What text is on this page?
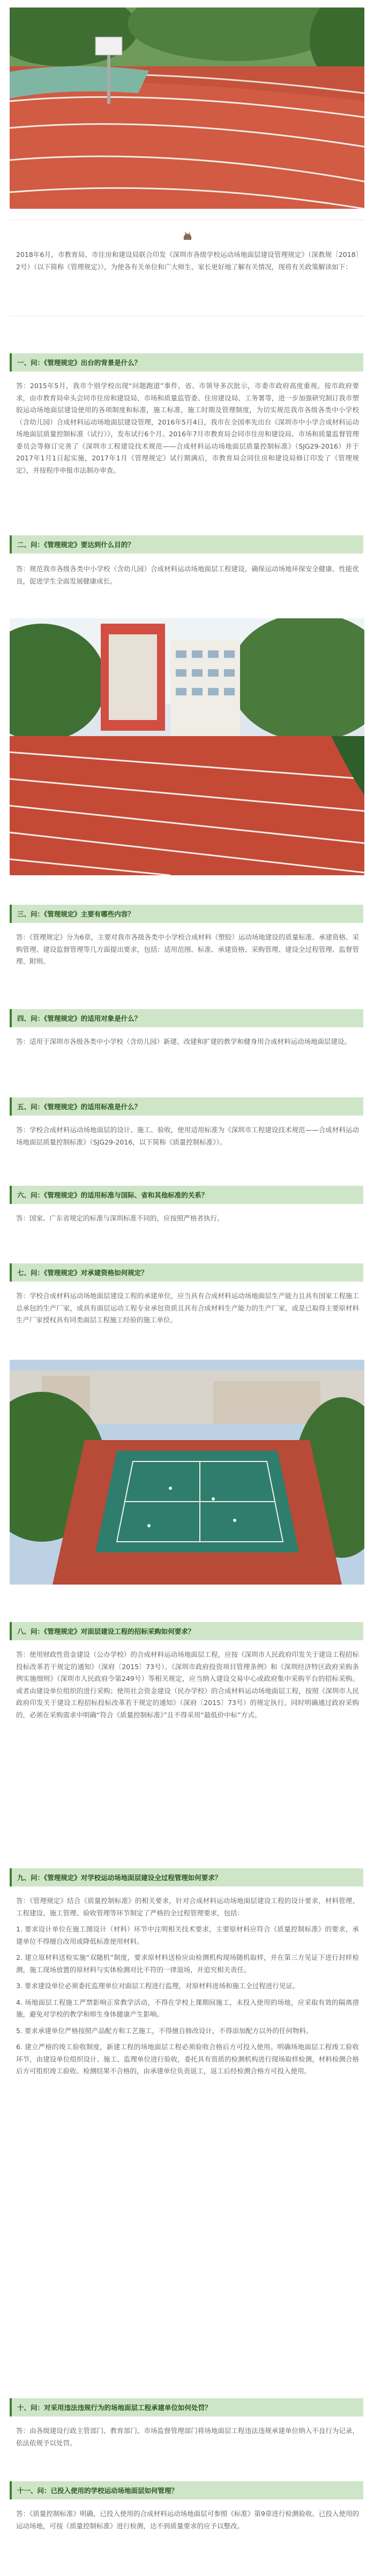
2018年6月，市教育局、市住房和建设局联合印发《深圳市各级学校运动场地面层建设管理规定》（深教规〔2018〕2号）（以下简称《管理规定》），为使各有关单位和广大师生、家长更好地了解有关情况，现将有关政策解读如下：
一、问：《管理规定》出台的背景是什么？

答：2015年5月，我市个别学校出现“问题跑道”事件，省、市领导多次批示，市委市政府高度重视。按市政府要求，由市教育局牵头会同市住房和建设局、市场和质量监管委、住房建设局、工务署等，进一步加强研究制订我市塑胶运动场地面层建设使用的各项制度和标准，施工标准，施工时期及管理制度，为切实规范我市各级各类中小学校（含幼儿园）合成材料运动场地面层建设管理，2016年5月4日，我市在全国率先出台《深圳市中小学合成材料运动场地面层质量控制标准（试行）》，发布试行6个月。2016年7月市教育局会同市住房和建设局、市场和质量监督管理委员会等修订完善了《深圳市工程建设技术规范——合成材料运动场地面层质量控制标准》（SJG29-2016）并于2017年1月1日起实施，2017年1月《管理规定》试行期满后，市教育局会同住房和建设局修订印发了《管理规定》，并按程序申报市法制办审查。

二、问：《管理规定》要达到什么目的？

答：规范我市各级各类中小学校（含幼儿园）合成材料运动场地面层工程建设，确保运动场地环保安全健康、性能优良，促进学生全面发展健康成长。

三、问：《管理规定》主要有哪些内容？

答：《管理规定》分为6章，主要对我市各级各类中小学校合成材料（塑胶）运动场地建设的质量标准、承建资格、采购管理、建设监督管理等几方面提出要求，包括：适用范围、标准、承建资格、采购管理、建设全过程管理、监督管理、附则。

四、问：《管理规定》的适用对象是什么？

答：适用于深圳市各级各类中小学校（含幼儿园）新建、改建和扩建的教学和健身用合成材料运动场地面层建设。

五、问：《管理规定》的适用标准是什么？

答：学校合成材料运动场地面层的设计、施工、验收，使用适用标准为《深圳市工程建设技术规范——合成材料运动场地面层质量控制标准》（SJG29-2016，以下简称《质量控制标准》）。

六、问：《管理规定》的适用标准与国际、省和其他标准的关系？

答：国家、广东省规定的标准与深圳标准不同的，应按照严格者执行。

七、问：《管理规定》对承建资格如何规定？

答：学校合成材料运动场地面层建设工程的承建单位，应当具有合成材料运动场地面层生产能力且具有国家工程施工总承包的生产厂家，或具有面层运动工程专业承包资质且具有合成材料生产能力的生产厂家，或是已取得主要原材料生产厂家授权具有同类面层工程施工经验的施工单位。

八、问：《管理规定》对面层建设工程的招标采购如何要求？

答：使用财政性资金建设（公办学校）的合成材料运动场地面层工程，应按《深圳市人民政府印发关于建设工程招标投标改革若干规定的通知》（深府〔2015〕73号）、《深圳市政府投资项目管理条例》和《深圳经济特区政府采购条例实施细则》（深圳市人民政府令第249号）等相关规定，应当纳入建设交易中心或政府集中采购平台的招标采购。或者由建设单位组织的进行采购；使用社会资金建设（民办学校）的合成材料运动场地面层工程，按照《深圳市人民政府印发关于建设工程招标投标改革若干规定的通知》（深府〔2015〕73号）的规定执行。同时明确通过政府采购的，必须在采购需求中明确“符合《质量控制标准》”且不得采用“最低价中标”方式。

九、问：《管理规定》对学校运动场地面层建设全过程管理如何要求？

答：《管理规定》结合《质量控制标准》的相关要求，针对合成材料运动场地面层建设工程的设计要求，材料管理、工程建设、施工管理、验收管理等环节制定了严格的全过程管理要求，包括：

1. 要求设计单位在施工图设计（材料）环节中注明相关技术要求，主要原材料应符合《质量控制标准》的要求，承建单位不得擅自改用或降低标准使用材料。

2. 建立原材料送检实施“双随机”制度，要求原材料送检应由检测机构现场随机取样，并在第三方见证下进行封样检测，施工现场放置的原材料与实体检测对比不符的一律退场，并追究相关责任。

3. 要求建设单位必须委托监理单位对面层工程进行监理，对原材料进场和施工全过程进行见证。

4. 场地面层工程施工严禁影响正常教学活动，不得在学校上课期间施工，未投入使用的场地，应采取有效的隔离措施，避免对学校的教学和师生身体健康产生影响。

5. 要求承建单位严格按照产品配方和工艺施工，不得擅自修改设计，不得添加配方以外的任何物料。

6. 建立严格的竣工验收制度，新建工程的场地面层工程必须验收合格后方可投入使用。明确场地面层工程竣工验收环节，由建设单位组织设计、施工、监理单位进行验收，委托具有资质的检测机构进行现场取样检测，材料检测合格后方可组织竣工验收。检测结果不合格的，由承建单位负责返工，返工后经检测合格方可投入使用。

十、问：对采用违法违规行为的场地面层工程承建单位如何处罚？

答：由各级建设行政主管部门、教育部门、市场监督管理部门将场地面层工程违法违规承建单位纳入不良行为记录，依法依规予以处罚。

十一、问：已投入使用的学校运动场地面层如何管理？

答：《质量控制标准》明确，已投入使用的合成材料运动场地面层可参照《标准》第9章进行检测验收。已投入使用的运动场地，可按《质量控制标准》进行检测，达不到质量要求的应予以整改。
